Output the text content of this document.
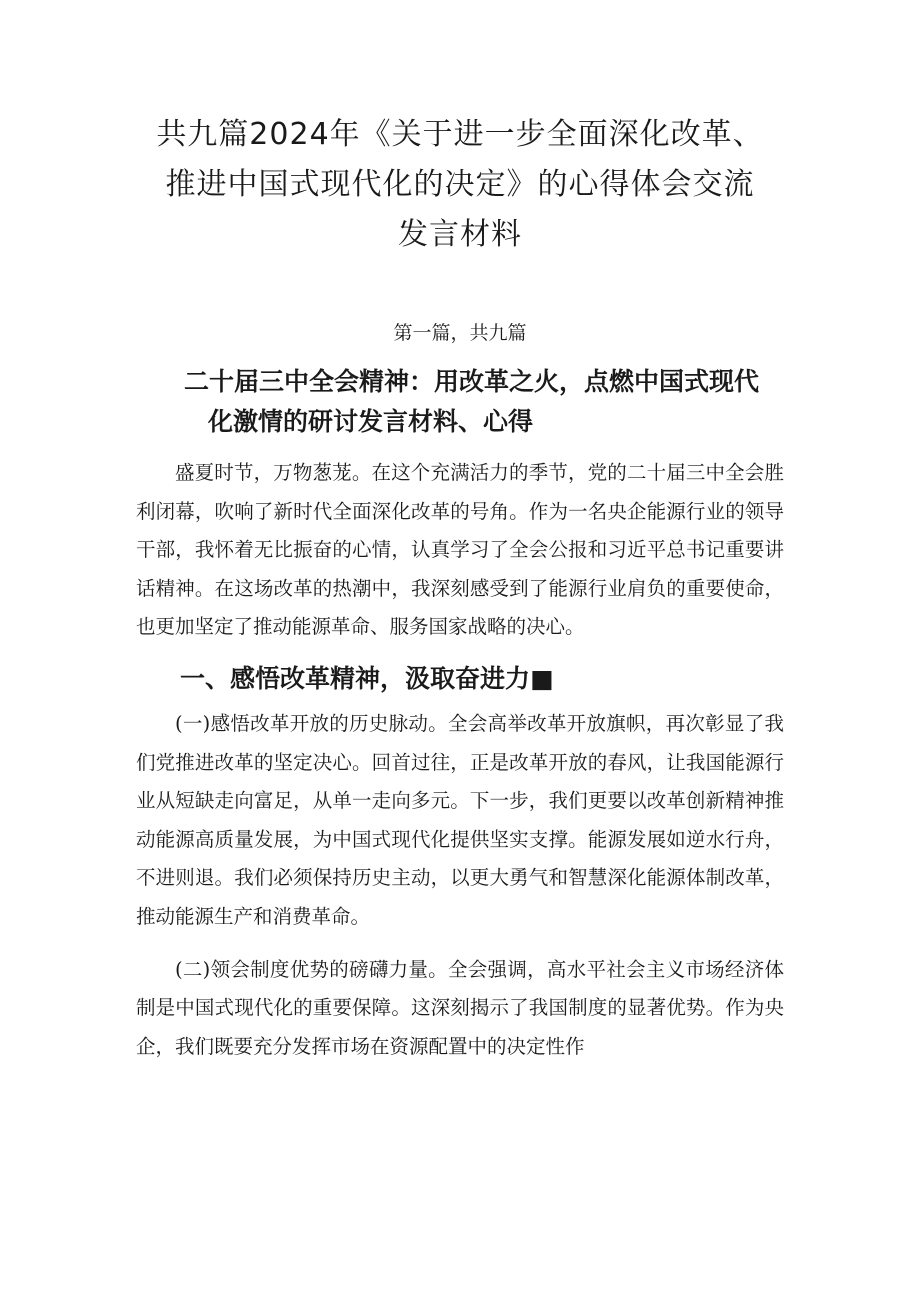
共九篇2024年《关于进一步全面深化改革、
推进中国式现代化的决定》的心得体会交流
发言材料

第一篇，共九篇

二十届三中全会精神：用改革之火，点燃中国式现代
化激情的研讨发言材料、心得

盛夏时节，万物葱茏。在这个充满活力的季节，党的二十届三中全会胜利闭幕，吹响了新时代全面深化改革的号角。作为一名央企能源行业的领导干部，我怀着无比振奋的心情，认真学习了全会公报和习近平总书记重要讲话精神。在这场改革的热潮中，我深刻感受到了能源行业肩负的重要使命，也更加坚定了推动能源革命、服务国家战略的决心。

一、感悟改革精神，汲取奋进力■

(一)感悟改革开放的历史脉动。全会高举改革开放旗帜，再次彰显了我们党推进改革的坚定决心。回首过往，正是改革开放的春风，让我国能源行业从短缺走向富足，从单一走向多元。下一步，我们更要以改革创新精神推动能源高质量发展，为中国式现代化提供坚实支撑。能源发展如逆水行舟，不进则退。我们必须保持历史主动，以更大勇气和智慧深化能源体制改革，推动能源生产和消费革命。

(二)领会制度优势的磅礴力量。全会强调，高水平社会主义市场经济体制是中国式现代化的重要保障。这深刻揭示了我国制度的显著优势。作为央企，我们既要充分发挥市场在资源配置中的决定性作
